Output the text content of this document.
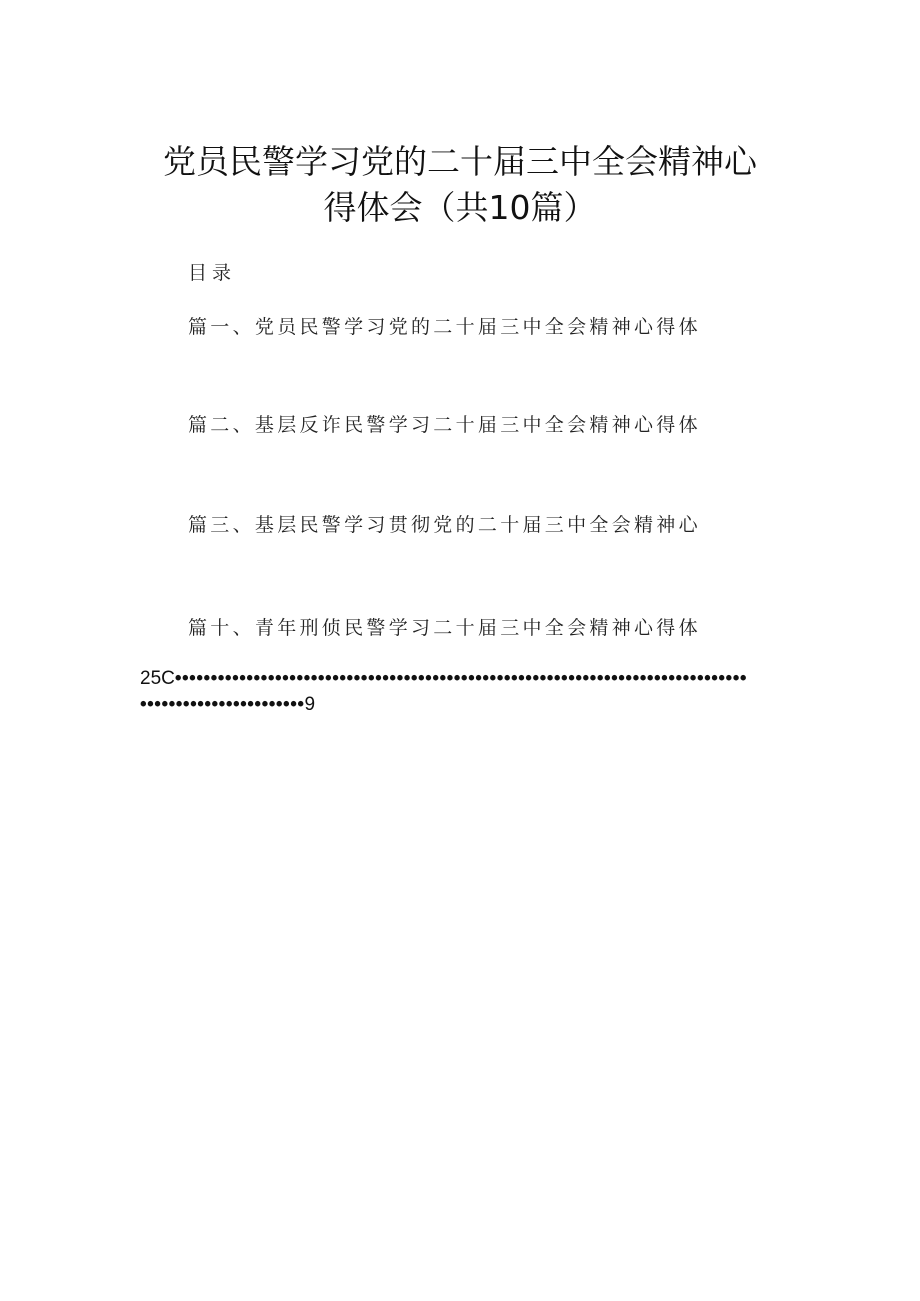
党员民警学习党的二十届三中全会精神心
得体会（共10篇）
目录
篇一、党员民警学习党的二十届三中全会精神心得体
篇二、基层反诈民警学习二十届三中全会精神心得体
篇三、基层民警学习贯彻党的二十届三中全会精神心
篇十、青年刑侦民警学习二十届三中全会精神心得体
25C••••••••••••••••••••••••••••••••••••••••••••••••••••••••••••••••••••••••••••••••
•••••••••••••••••••••••9
